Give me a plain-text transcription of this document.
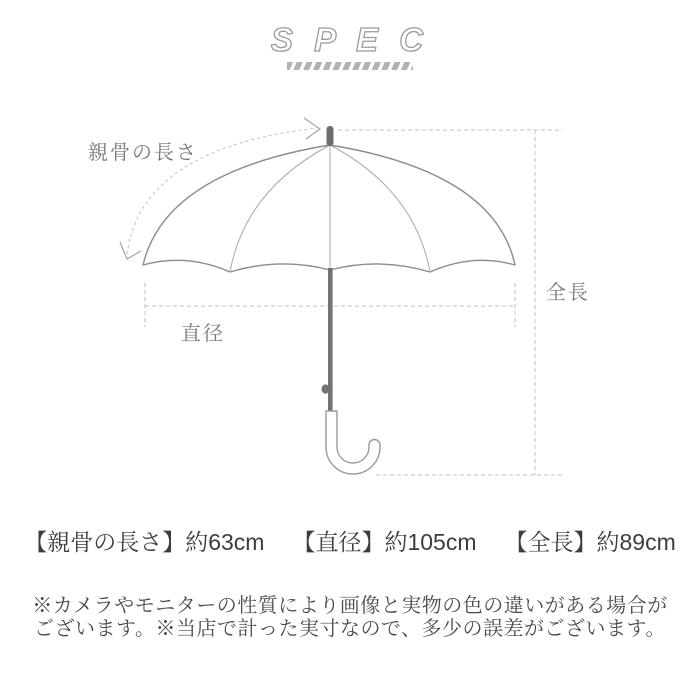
S P E C
親骨の長さ
直径
全長
【親骨の長さ】 約63cm 【直径】 約105cm 【全長】 約89cm
※カメラやモニターの性質により画像と実物の色の違いがある場合が
ございます。※当店で計った実寸なので、多少の誤差がございます。
